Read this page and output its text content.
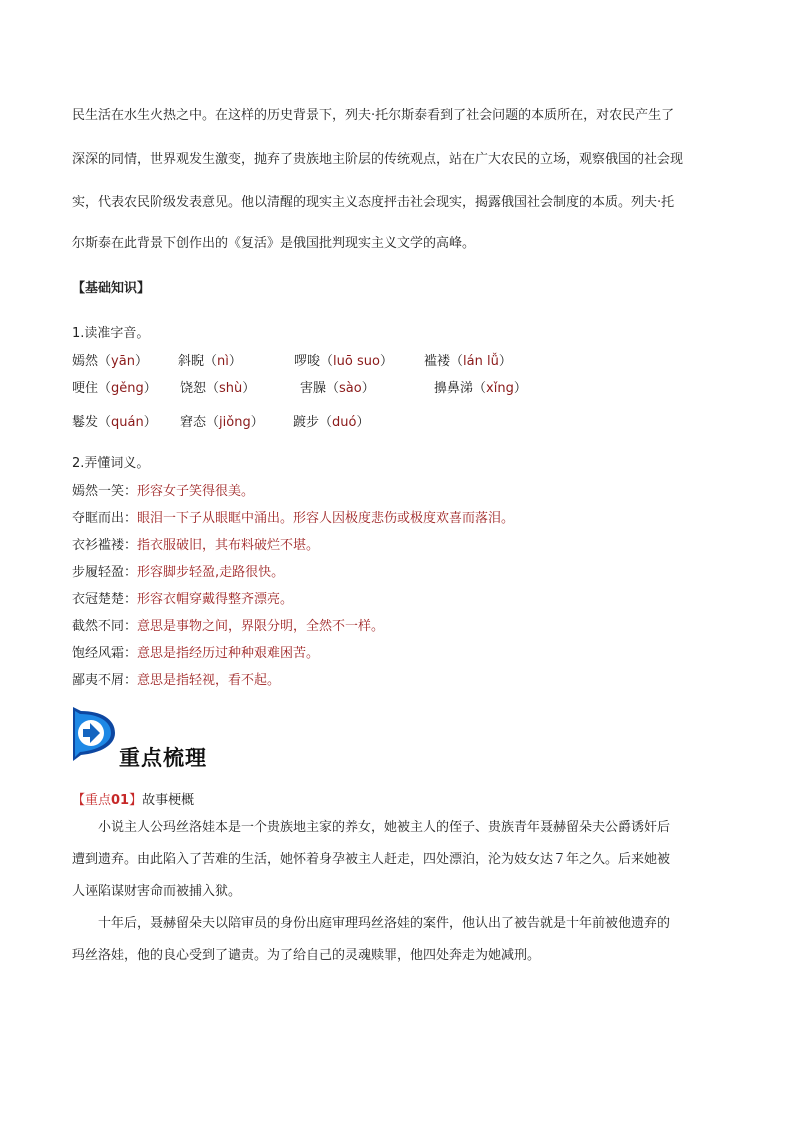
民生活在水生火热之中。在这样的历史背景下，列夫·托尔斯泰看到了社会问题的本质所在，对农民产生了

深深的同情，世界观发生激变，抛弃了贵族地主阶层的传统观点，站在广大农民的立场，观察俄国的社会现

实，代表农民阶级发表意见。他以清醒的现实主义态度抨击社会现实，揭露俄国社会制度的本质。列夫·托

尔斯泰在此背景下创作出的《复活》是俄国批判现实主义文学的高峰。

【基础知识】

1.读准字音。

嫣然（yān） 斜睨（nì）	啰唆（luō suo） 褴褛（lán lǚ）
哽住（gěng） 饶恕（shù）	害臊（sào）	擤鼻涕（xǐng）
鬈发（quán） 窘态（jiǒng） 踱步（duó）

2.弄懂词义。

嫣然一笑：形容女子笑得很美。

夺眶而出：眼泪一下子从眼眶中涌出。形容人因极度悲伤或极度欢喜而落泪。

衣衫褴褛：指衣服破旧，其布料破烂不堪。

步履轻盈：形容脚步轻盈,走路很快。

衣冠楚楚：形容衣帽穿戴得整齐漂亮。

截然不同：意思是事物之间，界限分明，全然不一样。

饱经风霜：意思是指经历过种种艰难困苦。

鄙夷不屑：意思是指轻视，看不起。

重点梳理

【重点01】故事梗概

小说主人公玛丝洛娃本是一个贵族地主家的养女，她被主人的侄子、贵族青年聂赫留朵夫公爵诱奸后

遭到遗弃。由此陷入了苦难的生活，她怀着身孕被主人赶走，四处漂泊，沦为妓女达７年之久。后来她被

人诬陷谋财害命而被捕入狱。

十年后，聂赫留朵夫以陪审员的身份出庭审理玛丝洛娃的案件，他认出了被告就是十年前被他遗弃的

玛丝洛娃，他的良心受到了谴责。为了给自己的灵魂赎罪，他四处奔走为她减刑。
